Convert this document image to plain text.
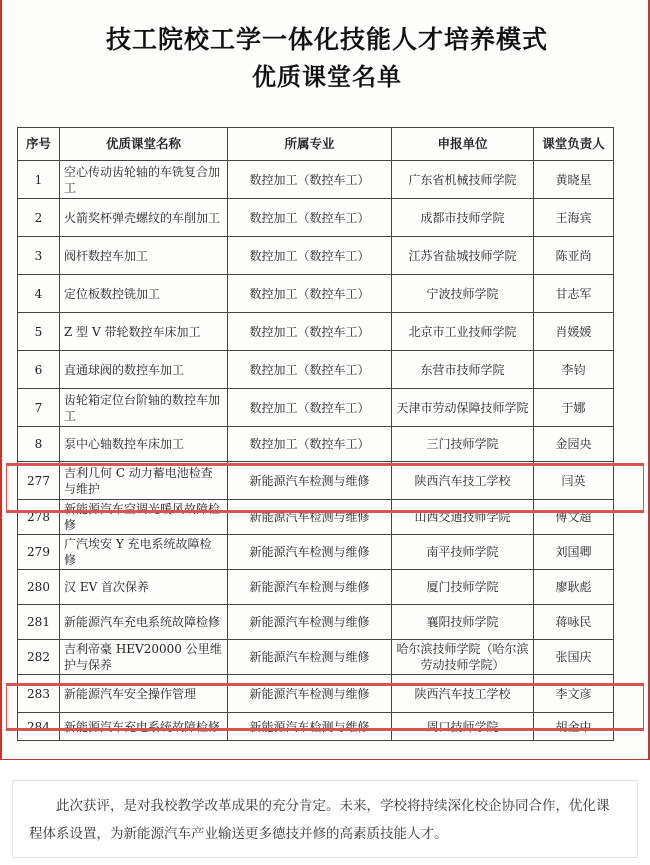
技工院校工学一体化技能人才培养模式
优质课堂名单
序号	优质课堂名称	所属专业	申报单位	课堂负责人
1	空心传动齿轮轴的车铣复合加工	数控加工（数控车工）	广东省机械技师学院	黄晓星
2	火箭奖杯弹壳螺纹的车削加工	数控加工（数控车工）	成都市技师学院	王海宾
3	阀杆数控车加工	数控加工（数控车工）	江苏省盐城技师学院	陈亚尚
4	定位板数控铣加工	数控加工（数控车工）	宁波技师学院	甘志军
5	Z 型 V 带轮数控车床加工	数控加工（数控车工）	北京市工业技师学院	肖媛媛
6	直通球阀的数控车加工	数控加工（数控车工）	东营市技师学院	李钧
7	齿轮箱定位台阶轴的数控车加工	数控加工（数控车工）	天津市劳动保障技师学院	于娜
8	泵中心轴数控车床加工	数控加工（数控车工）	三门技师学院	金园央
277	吉利几何 C 动力蓄电池检查与维护	新能源汽车检测与维修	陕西汽车技工学校	闫英
278	新能源汽车空调光暖风故障检修	新能源汽车检测与维修	山西交通技师学院	傅文超
279	广汽埃安 Y 充电系统故障检修	新能源汽车检测与维修	南平技师学院	刘国卿
280	汉 EV 首次保养	新能源汽车检测与维修	厦门技师学院	廖耿彪
281	新能源汽车充电系统故障检修	新能源汽车检测与维修	襄阳技师学院	蒋咏民
282	吉利帝豪 HEV20000 公里维护与保养	新能源汽车检测与维修	哈尔滨技师学院（哈尔滨劳动技师学院）	张国庆
283	新能源汽车安全操作管理	新能源汽车检测与维修	陕西汽车技工学校	李文彦
284	新能源汽车充电系统故障检修	新能源汽车检测与维修	周口技师学院	胡金中
此次获评，是对我校教学改革成果的充分肯定。未来，学校将持续深化校企协同合作，优化课程体系设置，为新能源汽车产业输送更多德技并修的高素质技能人才。
